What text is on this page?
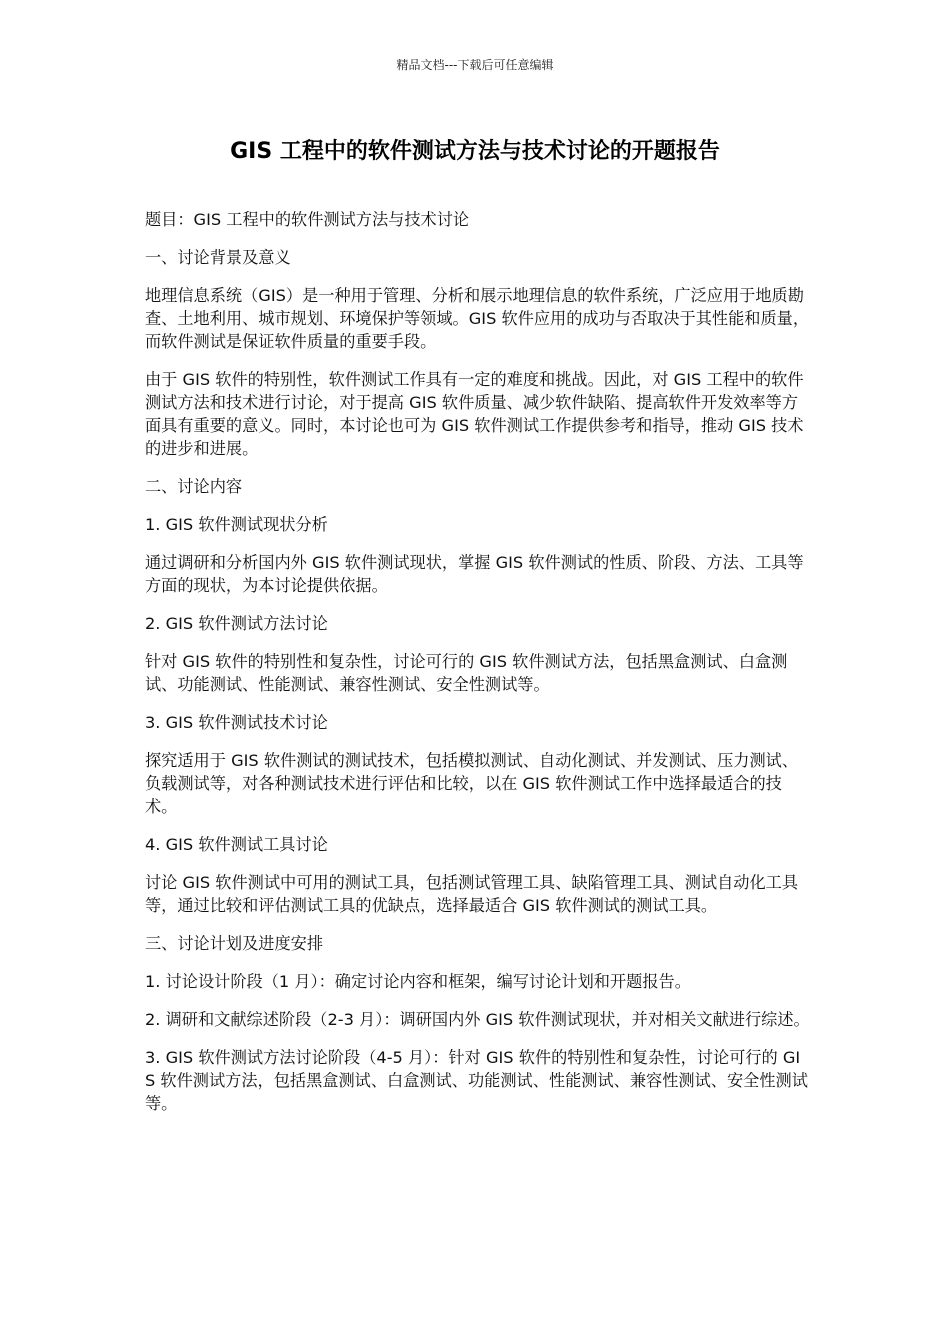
精品文档---下载后可任意编辑
GIS 工程中的软件测试方法与技术讨论的开题报告

题目：GIS 工程中的软件测试方法与技术讨论

一、讨论背景及意义

地理信息系统（GIS）是一种用于管理、分析和展示地理信息的软件系统，广泛应用于地质勘查、土地利用、城市规划、环境保护等领域。GIS 软件应用的成功与否取决于其性能和质量，而软件测试是保证软件质量的重要手段。

由于 GIS 软件的特别性，软件测试工作具有一定的难度和挑战。因此，对 GIS 工程中的软件测试方法和技术进行讨论，对于提高 GIS 软件质量、减少软件缺陷、提高软件开发效率等方面具有重要的意义。同时，本讨论也可为 GIS 软件测试工作提供参考和指导，推动 GIS 技术的进步和进展。

二、讨论内容

1. GIS 软件测试现状分析

通过调研和分析国内外 GIS 软件测试现状，掌握 GIS 软件测试的性质、阶段、方法、工具等方面的现状，为本讨论提供依据。

2. GIS 软件测试方法讨论

针对 GIS 软件的特别性和复杂性，讨论可行的 GIS 软件测试方法，包括黑盒测试、白盒测试、功能测试、性能测试、兼容性测试、安全性测试等。

3. GIS 软件测试技术讨论

探究适用于 GIS 软件测试的测试技术，包括模拟测试、自动化测试、并发测试、压力测试、负载测试等，对各种测试技术进行评估和比较，以在 GIS 软件测试工作中选择最适合的技术。

4. GIS 软件测试工具讨论

讨论 GIS 软件测试中可用的测试工具，包括测试管理工具、缺陷管理工具、测试自动化工具等，通过比较和评估测试工具的优缺点，选择最适合 GIS 软件测试的测试工具。

三、讨论计划及进度安排

1. 讨论设计阶段（1 月）：确定讨论内容和框架，编写讨论计划和开题报告。

2. 调研和文献综述阶段（2-3 月）：调研国内外 GIS 软件测试现状，并对相关文献进行综述。

3. GIS 软件测试方法讨论阶段（4-5 月）：针对 GIS 软件的特别性和复杂性，讨论可行的 GIS 软件测试方法，包括黑盒测试、白盒测试、功能测试、性能测试、兼容性测试、安全性测试等。
